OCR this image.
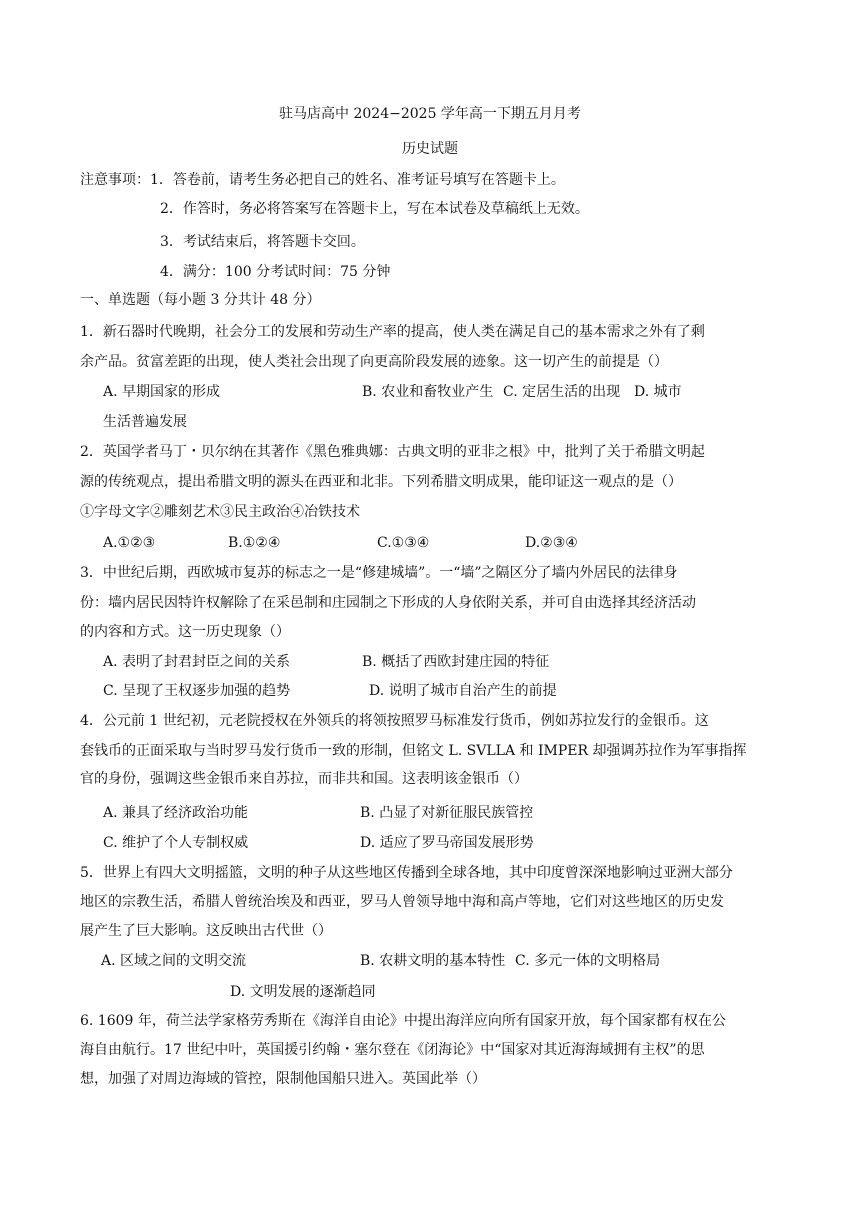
驻马店高中 2024−2025 学年高一下期五月月考
历史试题
注意事项： 1．答卷前，请考生务必把自己的姓名、准考证号填写在答题卡上。
2．作答时，务必将答案写在答题卡上，写在本试卷及草稿纸上无效。
3．考试结束后，将答题卡交回。
4．满分：100 分考试时间：75 分钟
一、单选题（每小题 3 分共计 48 分）
1．新石器时代晚期，社会分工的发展和劳动生产率的提高，使人类在满足自己的基本需求之外有了剩
余产品。贫富差距的出现，使人类社会出现了向更高阶段发展的迹象。这一切产生的前提是（）
A. 早期国家的形成	B. 农业和畜牧业产生 C. 定居生活的出现 D. 城市
生活普遍发展
2．英国学者马丁・贝尔纳在其著作《黑色雅典娜：古典文明的亚非之根》中，批判了关于希腊文明起
源的传统观点，提出希腊文明的源头在西亚和北非。下列希腊文明成果，能印证这一观点的是（）
①字母文字②雕刻艺术③民主政治④冶铁技术
A.①②③	B.①②④	C.①③④	D.②③④
3．中世纪后期，西欧城市复苏的标志之一是“修建城墙”。一“墙”之隔区分了墙内外居民的法律身
份：墙内居民因特许权解除了在采邑制和庄园制之下形成的人身依附关系，并可自由选择其经济活动
的内容和方式。这一历史现象（）
A. 表明了封君封臣之间的关系	B. 概括了西欧封建庄园的特征
C. 呈现了王权逐步加强的趋势	D. 说明了城市自治产生的前提
4．公元前 1 世纪初，元老院授权在外领兵的将领按照罗马标准发行货币，例如苏拉发行的金银币。这
套钱币的正面采取与当时罗马发行货币一致的形制，但铭文 L. SVLLA 和 IMPER 却强调苏拉作为军事指挥
官的身份，强调这些金银币来自苏拉，而非共和国。这表明该金银币（）
A. 兼具了经济政治功能	B. 凸显了对新征服民族管控
C. 维护了个人专制权威	D. 适应了罗马帝国发展形势
5．世界上有四大文明摇篮，文明的种子从这些地区传播到全球各地，其中印度曾深深地影响过亚洲大部分
地区的宗教生活，希腊人曾统治埃及和西亚，罗马人曾领导地中海和高卢等地，它们对这些地区的历史发
展产生了巨大影响。这反映出古代世（）
A. 区域之间的文明交流	B. 农耕文明的基本特性 C. 多元一体的文明格局
D. 文明发展的逐渐趋同
6. 1609 年，荷兰法学家格劳秀斯在《海洋自由论》中提出海洋应向所有国家开放，每个国家都有权在公
海自由航行。17 世纪中叶，英国援引约翰・塞尔登在《闭海论》中“国家对其近海海域拥有主权”的思
想，加强了对周边海域的管控，限制他国船只进入。英国此举（）
